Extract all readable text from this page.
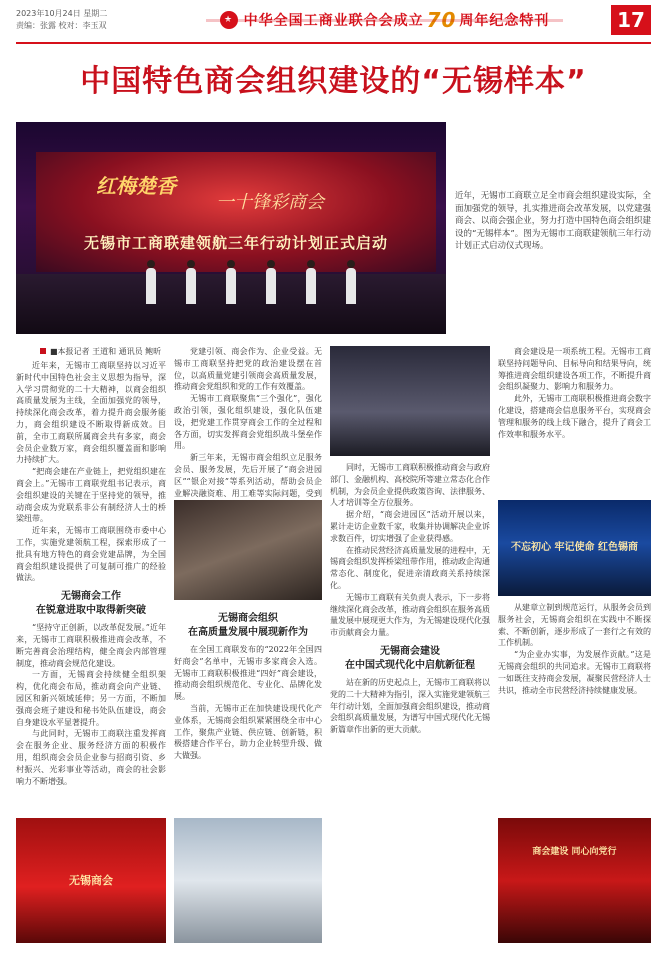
2023年10月24日 星期二
责编：张露 校对：李玉双
★ 中华全国工商业联合会成立 70 周年纪念特刊	17
中国特色商会组织建设的“无锡样本”
红梅楚香
一十锋彩商会
无锡市工商联建领航三年行动计划正式启动
近年，无锡市工商联立足全市商会组织建设实际，全面加强党的领导，扎实推进商会改革发展，以党建强商会、以商会强企业，努力打造中国特色商会组织建设的“无锡样本”。图为无锡市工商联建领航三年行动计划正式启动仪式现场。
■本报记者 王道和 通讯员 鲍昕

近年来，无锡市工商联坚持以习近平新时代中国特色社会主义思想为指导，深入学习贯彻党的二十大精神，以商会组织高质量发展为主线，全面加强党的领导，持续深化商会改革，着力提升商会服务能力，商会组织建设不断取得新成效。目前，全市工商联所属商会共有多家，商会会员企业数万家，商会组织覆盖面和影响力持续扩大。

“把商会建在产业链上，把党组织建在商会上。”无锡市工商联党组书记表示，商会组织建设的关键在于坚持党的领导，推动商会成为党联系非公有制经济人士的桥梁纽带。

近年来，无锡市工商联围绕市委中心工作，实施党建领航工程，探索形成了一批具有地方特色的商会党建品牌，为全国商会组织建设提供了可复制可推广的经验做法。

无锡商会工作
在锐意进取中取得新突破

“坚持守正创新，以改革促发展。”近年来，无锡市工商联积极推进商会改革，不断完善商会治理结构，健全商会内部管理制度，推动商会规范化建设。

一方面，无锡商会持续健全组织架构，优化商会布局，推动商会向产业链、园区和新兴领域延伸；另一方面，不断加强商会班子建设和秘书处队伍建设，商会自身建设水平显著提升。

与此同时，无锡市工商联注重发挥商会在服务企业、服务经济方面的积极作用，组织商会会员企业参与招商引资、乡村振兴、光彩事业等活动，商会的社会影响力不断增强。

党建引领、商会作为、企业受益。无锡市工商联坚持把党的政治建设摆在首位，以高质量党建引领商会高质量发展，推动商会党组织和党的工作有效覆盖。

无锡市工商联聚焦“三个强化”，强化政治引领，强化组织建设，强化队伍建设，把党建工作贯穿商会工作的全过程和各方面，切实发挥商会党组织战斗堡垒作用。

新三年来，无锡市商会组织立足服务会员、服务发展，先后开展了“商会进园区”“银企对接”等系列活动，帮助会员企业解决融资难、用工难等实际问题，受到

无锡商会组织
在高质量发展中展现新作为

在全国工商联发布的“2022年全国四好商会”名单中，无锡市多家商会入选。无锡市工商联积极推进“四好”商会建设，推动商会组织规范化、专业化、品牌化发展。

当前，无锡市正在加快建设现代化产业体系，无锡商会组织紧紧围绕全市中心工作，聚焦产业链、供应链、创新链，积极搭建合作平台，助力企业转型升级、做大做强。

同时，无锡市工商联积极推动商会与政府部门、金融机构、高校院所等建立常态化合作机制，为会员企业提供政策咨询、法律服务、人才培训等全方位服务。

据介绍，“商会进园区”活动开展以来，累计走访企业数千家，收集并协调解决企业诉求数百件，切实增强了企业获得感。

在推动民营经济高质量发展的进程中，无锡商会组织发挥桥梁纽带作用，推动政企沟通常态化、制度化，促进亲清政商关系持续深化。

无锡市工商联有关负责人表示，下一步将继续深化商会改革，推动商会组织在服务高质量发展中展现更大作为，为无锡建设现代化强市贡献商会力量。

无锡商会建设
在中国式现代化中启航新征程

站在新的历史起点上，无锡市工商联将以党的二十大精神为指引，深入实施党建领航三年行动计划，全面加强商会组织建设，推动商会组织高质量发展，为谱写中国式现代化无锡新篇章作出新的更大贡献。

商会建设是一项系统工程。无锡市工商联坚持问题导向、目标导向和结果导向，统筹推进商会组织建设各项工作，不断提升商会组织凝聚力、影响力和服务力。

此外，无锡市工商联积极推进商会数字化建设，搭建商会信息服务平台，实现商会管理和服务的线上线下融合，提升了商会工作效率和服务水平。

不忘初心 牢记使命 红色锡商

从建章立制到规范运行，从服务会员到服务社会，无锡商会组织在实践中不断探索、不断创新，逐步形成了一套行之有效的工作机制。

“为企业办实事，为发展作贡献。”这是无锡商会组织的共同追求。无锡市工商联将一如既往支持商会发展，凝聚民营经济人士共识，推动全市民营经济持续健康发展。

无锡商会
商会建设 同心向党行
